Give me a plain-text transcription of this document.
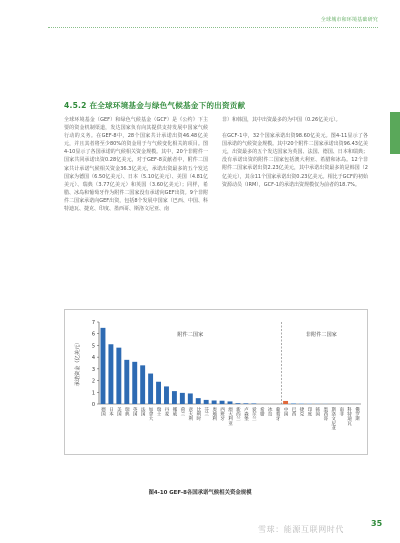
全球城市和环境基础研究
4.5.2 在全球环境基金与绿色气候基金下的出资贡献

全球环境基金（GEF）和绿色气候基金（GCF）是《公约》下主要的资金机制渠道，发达国家负有向其提供支持发展中国家气候行动的义务。在GEF-8中，28个国家共计承诺出资46.48亿美元，并且其者将至少80%的资金用于与气候变化相关的项目。图4-10显示了各国承诺的气候相关资金规模。其中，20个非附件一国家共同承诺出资0.28亿美元，对于GEF-8贡献者中，附件二国家共计承诺气候相关资金36.3亿美元，承诺出资最多的五个发达国家为德国（6.50亿美元）、日本（5.10亿美元）、美国（4.81亿美元）、瑞典（3.77亿美元）和英国（3.60亿美元）；同样，希腊、冰岛和葡萄牙作为附件二国家没有承诺向GEF出资。9个非附件二国家承诺向GEF出资，包括8个发展中国家（巴西、中国、科特迪瓦、捷克、印度、墨西哥、斯洛文尼亚、南

非）和韩国，其中出资最多的为中国（0.26亿美元）。

在GCF-1中，32个国家承诺出资98.60亿美元。图4-11显示了各国承诺的气候资金规模。其中20个附件二国家承诺出资96.43亿美元，出资最多的五个发达国家为英国、法国、德国、日本和瑞典；没有承诺出资的附件二国家包括澳大利亚、希腊和冰岛。12个非附件二国家承诺出资2.23亿美元，其中承诺出资最多的是韩国（2亿美元），其余11个国家承诺出资0.23亿美元。相比于GCF的初始资源动员（IRM），GCF-1的承诺出资规模仅为前者的18.7%。

0
1
2
3
4
5
6
7
承诺资金（亿美元）
附件二国家	非附件二国家
德国 日本 美国 瑞典 英国 法国 加拿大 瑞士 丹麦 挪威 荷兰 意大利 比利时 芬兰 奥地利 西班牙 澳大利亚 新西兰 卢森堡 爱尔兰 希腊 冰岛 葡萄牙 中国 巴西 捷克 印度 韩国 墨西哥 斯洛文尼亚 南非 科特迪瓦 俄罗斯
图4-10 GEF-8各国承诺气候相关资金规模
35
雪球：能源互联网时代
